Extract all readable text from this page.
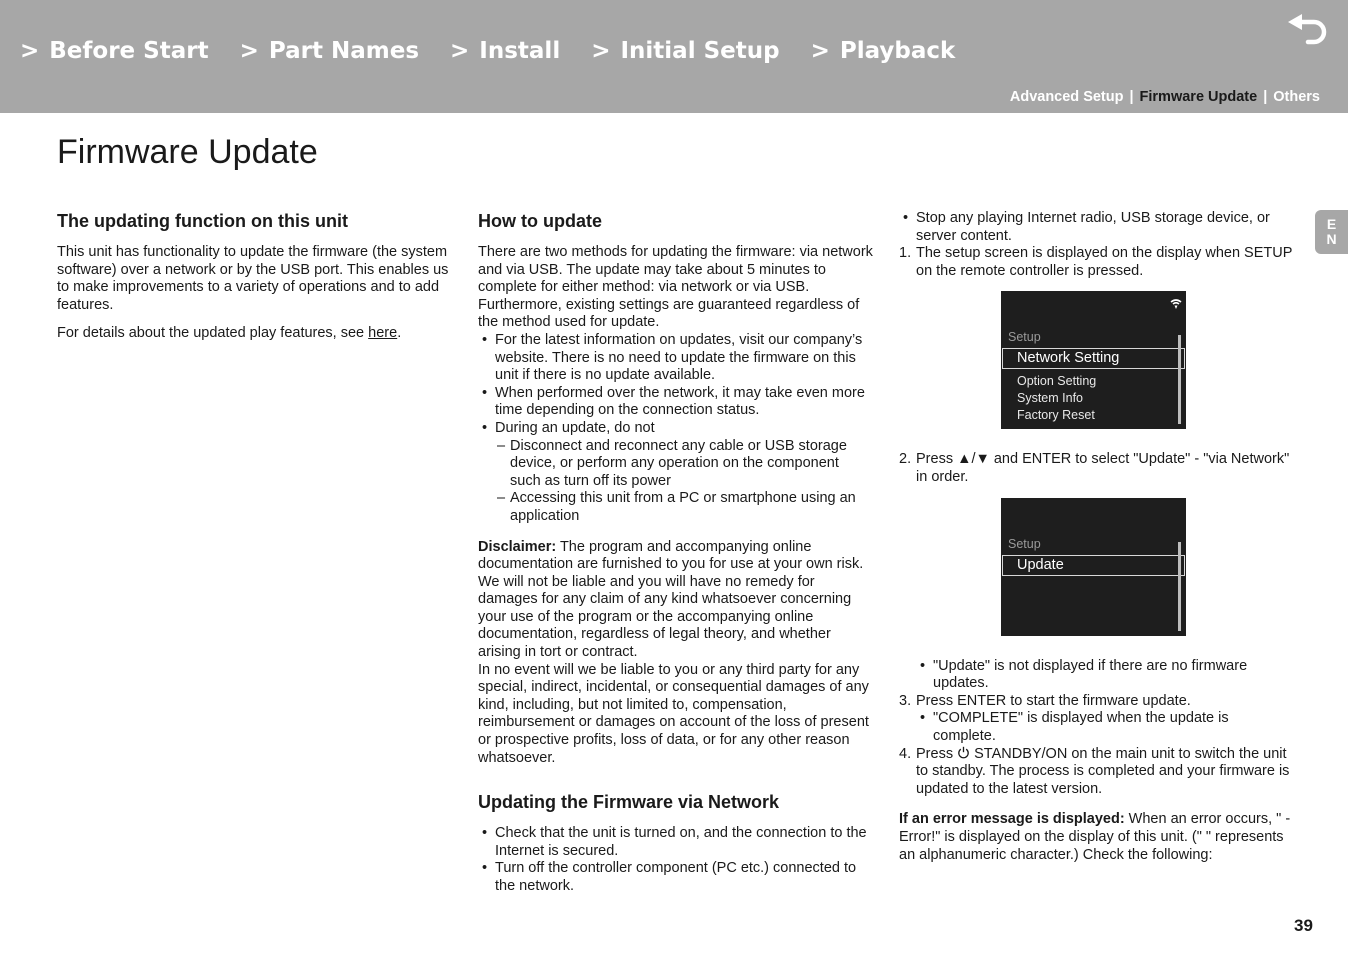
> Before Start > Part Names > Install > Initial Setup > Playback
Advanced Setup | Firmware Update | Others
Firmware Update
E
N
The updating function on this unit

This unit has functionality to update the firmware (the system software) over a network or by the USB port. This enables us to make improvements to a variety of operations and to add features.

For details about the updated play features, see here.

How to update

There are two methods for updating the firmware: via network and via USB. The update may take about 5 minutes to complete for either method: via network or via USB. Furthermore, existing settings are guaranteed regardless of the method used for update.

• For the latest information on updates, visit our company’s website. There is no need to update the firmware on this unit if there is no update available.
• When performed over the network, it may take even more time depending on the connection status.
• During an update, do not
– Disconnect and reconnect any cable or USB storage device, or perform any operation on the component such as turn off its power
– Accessing this unit from a PC or smartphone using an application

Disclaimer: The program and accompanying online documentation are furnished to you for use at your own risk. We will not be liable and you will have no remedy for damages for any claim of any kind whatsoever concerning your use of the program or the accompanying online documentation, regardless of legal theory, and whether arising in tort or contract.

In no event will we be liable to you or any third party for any special, indirect, incidental, or consequential damages of any kind, including, but not limited to, compensation, reimbursement or damages on account of the loss of present or prospective profits, loss of data, or for any other reason whatsoever.

Updating the Firmware via Network
• Check that the unit is turned on, and the connection to the Internet is secured.
• Turn off the controller component (PC etc.) connected to the network.
• Stop any playing Internet radio, USB storage device, or server content.
1. The setup screen is displayed on the display when SETUP on the remote controller is pressed.
Setup
Network Setting
Option Setting
System Info
Factory Reset
2. Press ▲/▼ and ENTER to select "Update" - "via Network" in order.
Setup
Update
• "Update" is not displayed if there are no firmware updates.
3. Press ENTER to start the firmware update.
• "COMPLETE" is displayed when the update is complete.
4. Press  STANDBY/ON on the main unit to switch the unit to standby. The process is completed and your firmware is updated to the latest version.

If an error message is displayed: When an error occurs, " - Error!" is displayed on the display of this unit. (" " represents an alphanumeric character.) Check the following:

39
